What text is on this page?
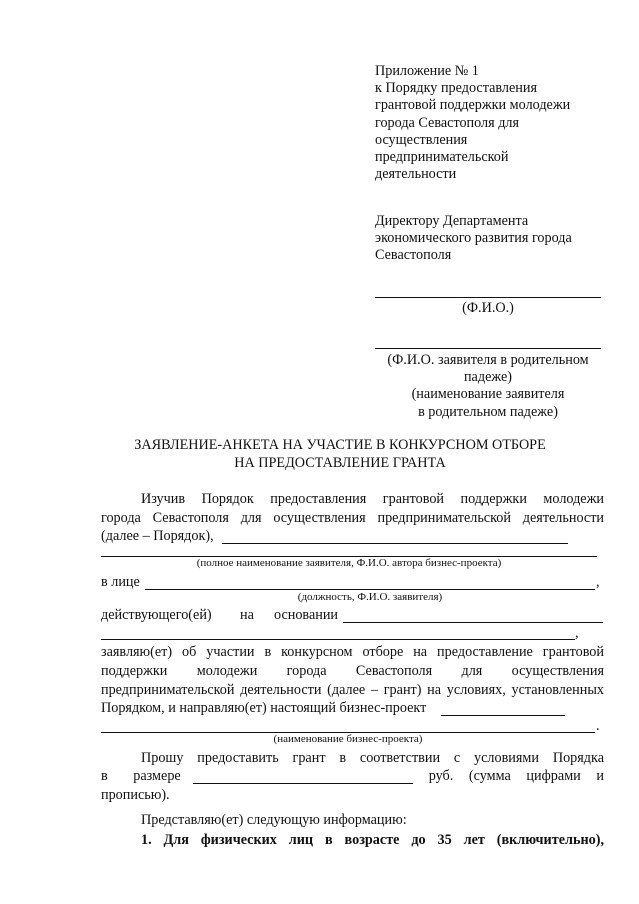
Приложение № 1
к Порядку предоставления
грантовой поддержки молодежи
города Севастополя для
осуществления
предпринимательской
деятельности
Директору Департамента
экономического развития города
Севастополя
(Ф.И.О.)
(Ф.И.О. заявителя в родительном
падеже)
(наименование заявителя
в родительном падеже)
ЗАЯВЛЕНИЕ-АНКЕТА НА УЧАСТИЕ В КОНКУРСНОМ ОТБОРЕ
НА ПРЕДОСТАВЛЕНИЕ ГРАНТА
Изучив Порядок предоставления грантовой поддержки молодежи
города Севастополя для осуществления предпринимательской деятельности
(далее – Порядок),
(полное наименование заявителя, Ф.И.О. автора бизнес-проекта)
в лице	,
(должность, Ф.И.О. заявителя)
действующего(ей) на основании
,
заявляю(ет) об участии в конкурсном отборе на предоставление грантовой
поддержки молодежи города Севастополя для осуществления
предпринимательской деятельности (далее – грант) на условиях, установленных
Порядком, и направляю(ет) настоящий бизнес-проект
.
(наименование бизнес-проекта)
Прошу предоставить грант в соответствии с условиями Порядка
в размере	руб. (сумма цифрами и
прописью).
Представляю(ет) следующую информацию:
1. Для физических лиц в возрасте до 35 лет (включительно),
